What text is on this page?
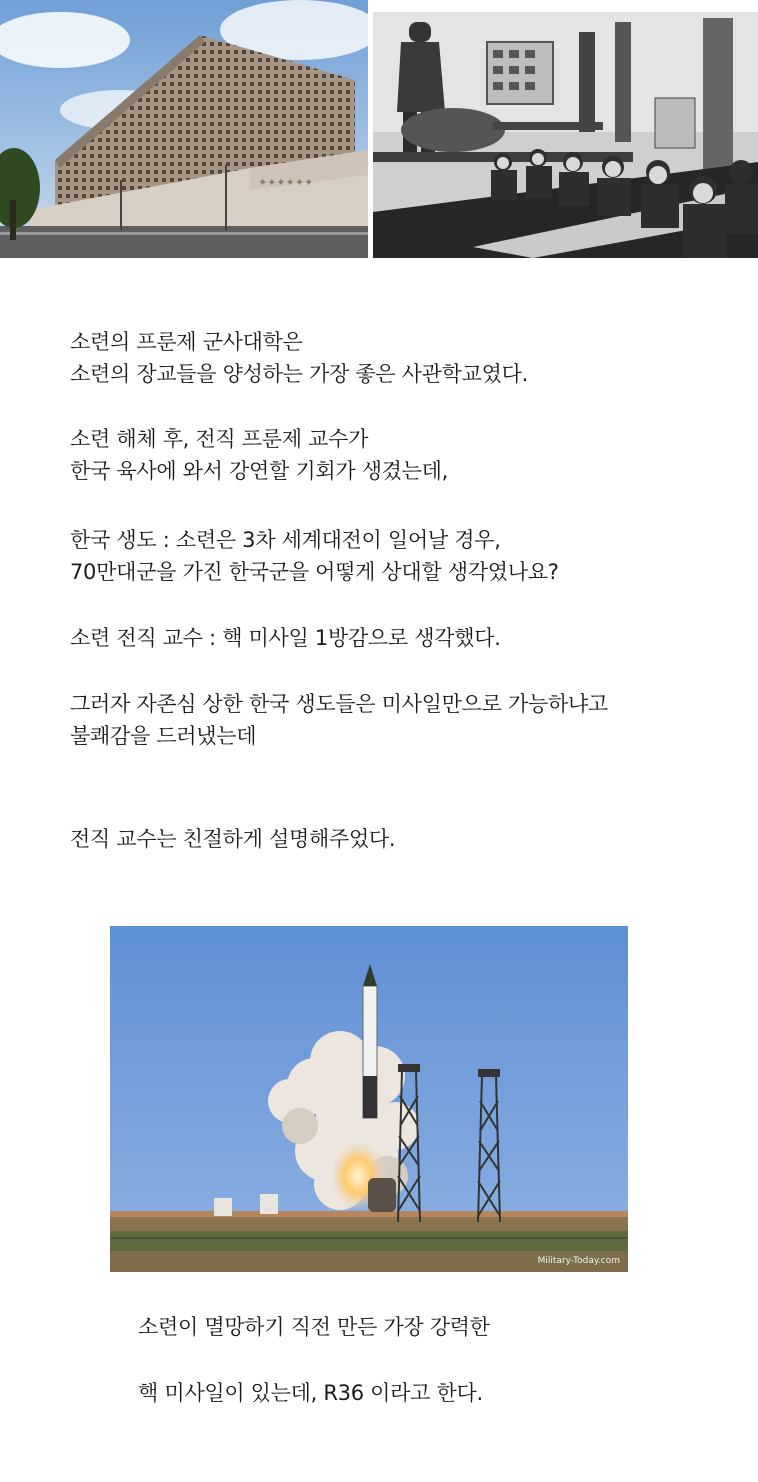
✦✦✦✦✦✦
소련의 프룬제 군사대학은
소련의 장교들을 양성하는 가장 좋은 사관학교였다.
소련 해체 후, 전직 프룬제 교수가
한국 육사에 와서 강연할 기회가 생겼는데,
한국 생도 : 소련은 3차 세계대전이 일어날 경우,
70만대군을 가진 한국군을 어떻게 상대할 생각였나요?
소련 전직 교수 : 핵 미사일 1방감으로 생각했다.
그러자 자존심 상한 한국 생도들은 미사일만으로 가능하냐고
불쾌감을 드러냈는데
전직 교수는 친절하게 설명해주었다.
Military-Today.com
소련이 멸망하기 직전 만든 가장 강력한
핵 미사일이 있는데, R36 이라고 한다.
